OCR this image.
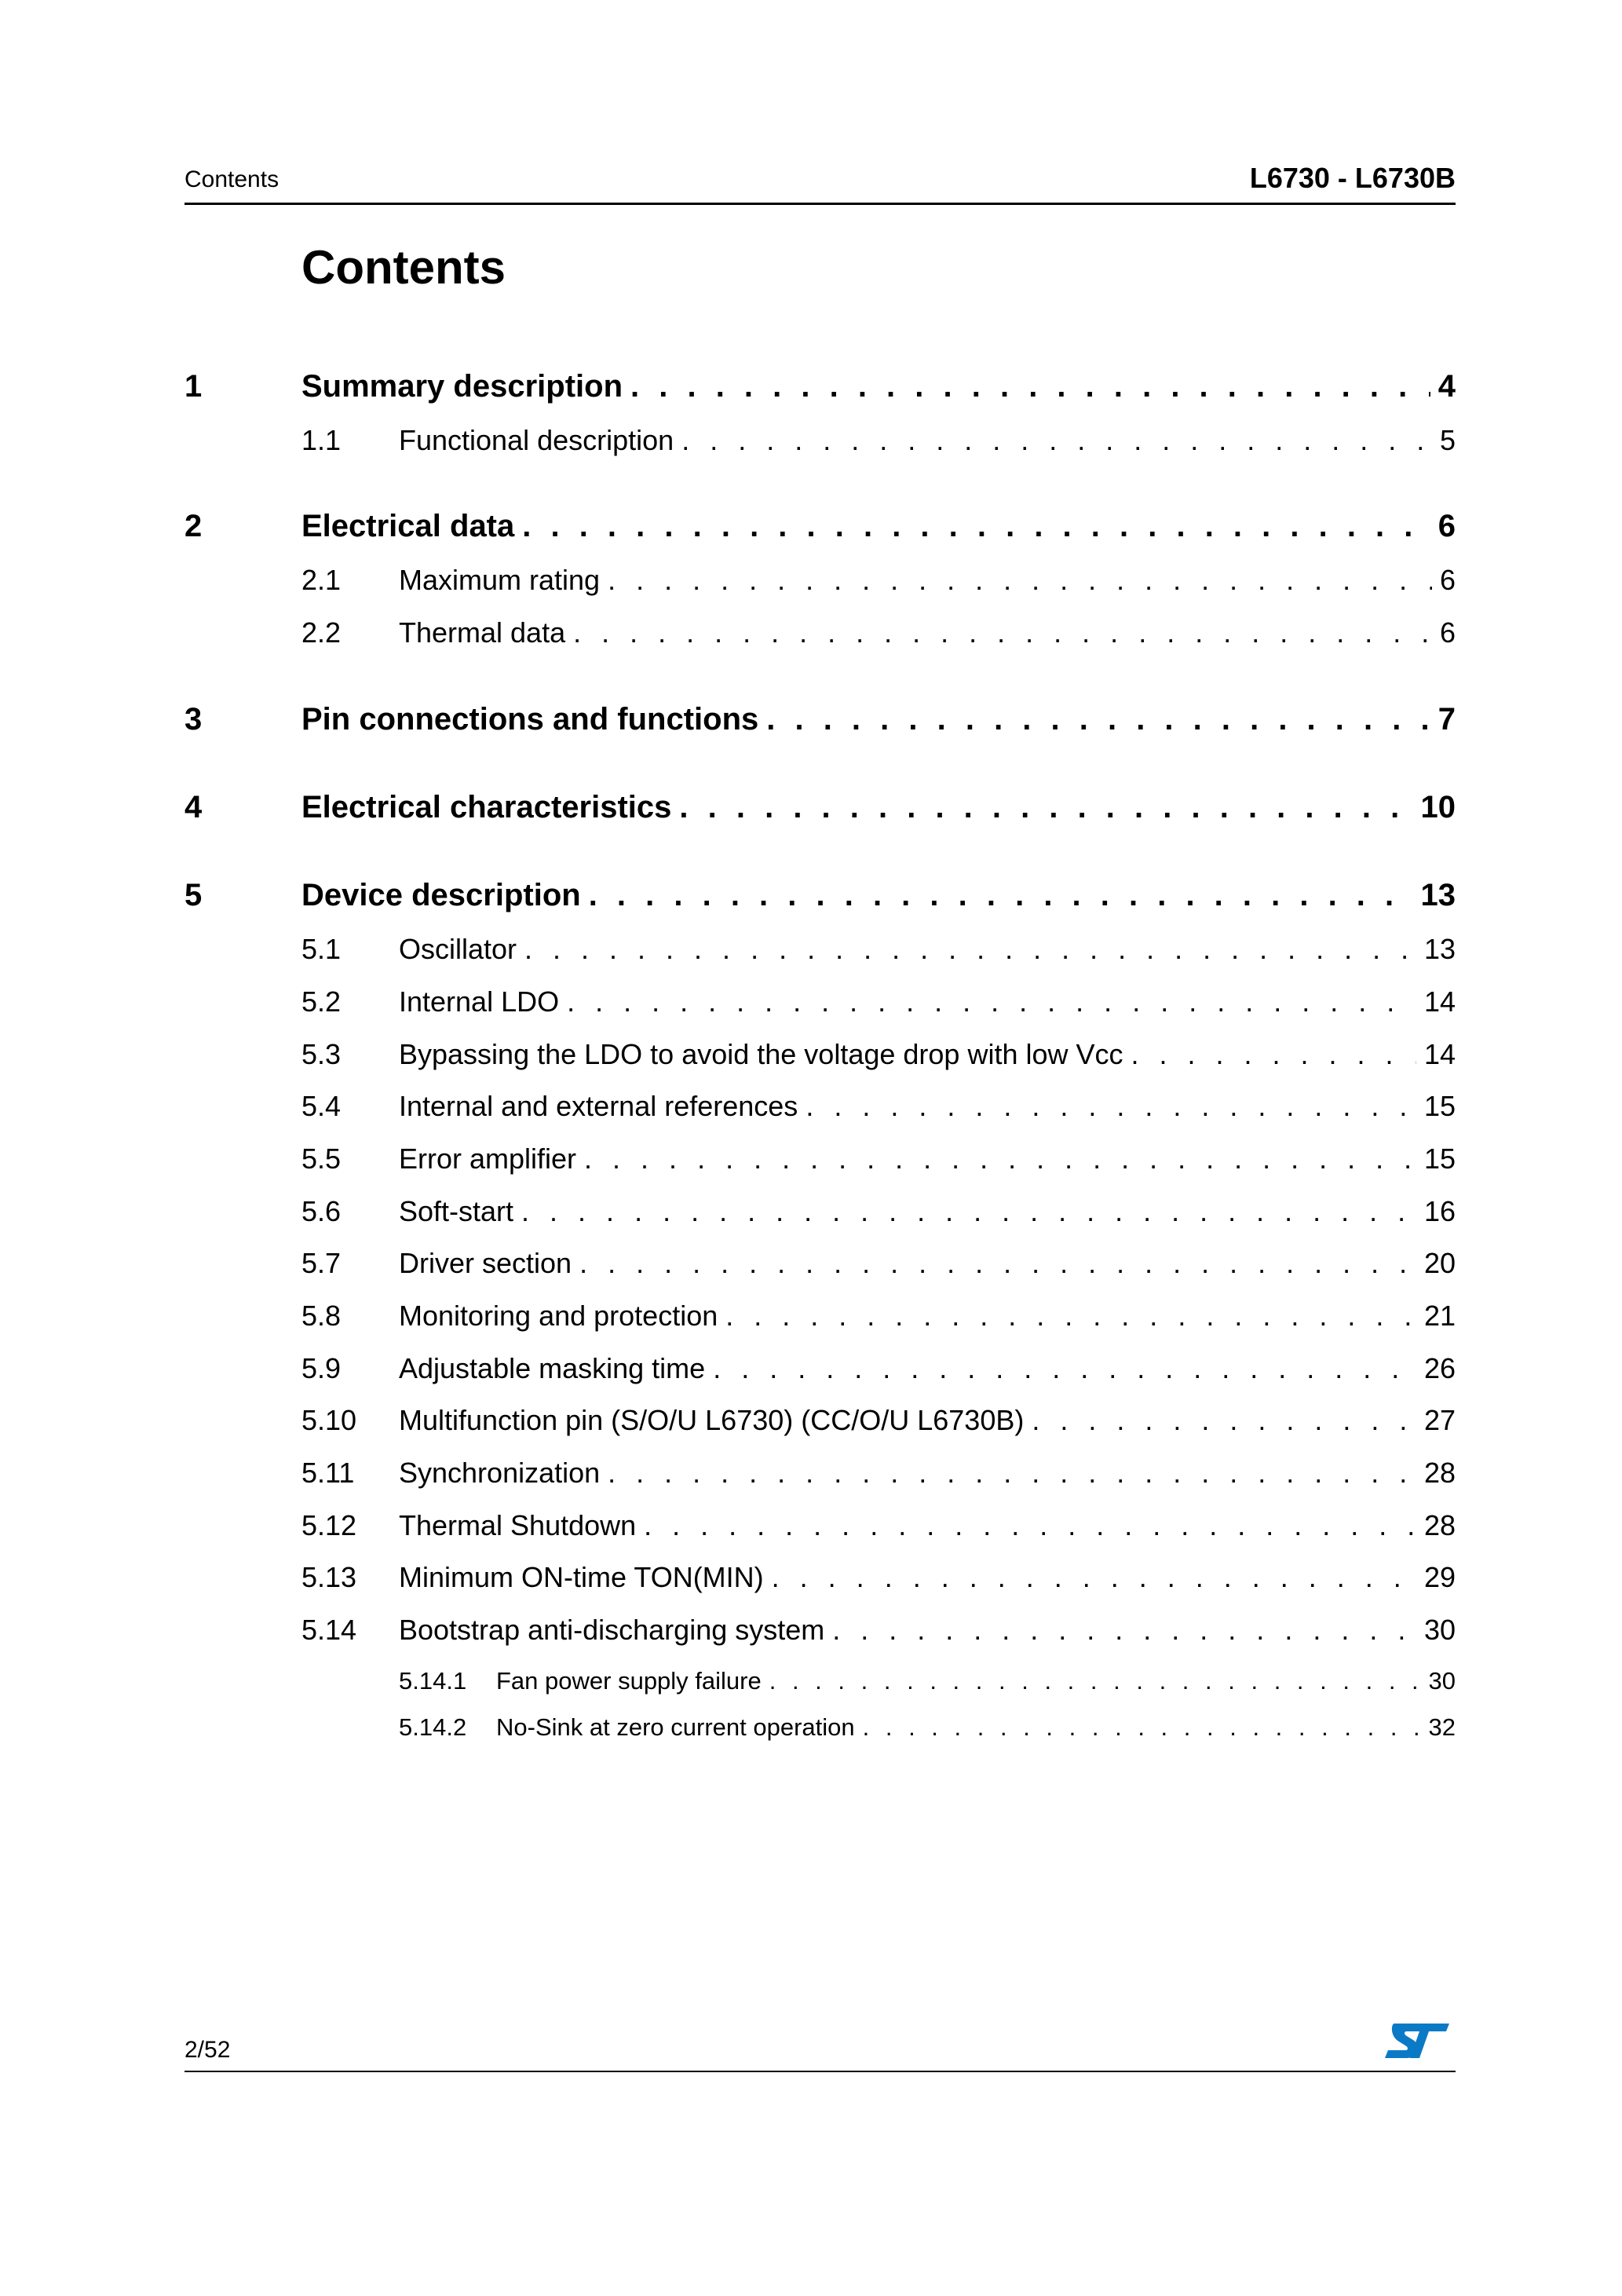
Contents	L6730 - L6730B
Contents
1	Summary description . . .	4
1.1 Functional description . . .	5
2	Electrical data . . .	6
2.1 Maximum rating . . .	6
2.2 Thermal data . . .	6
3	Pin connections and functions . . .	7
4	Electrical characteristics . . .	10
5	Device description . . .	13
5.1 Oscillator . . .	13
5.2 Internal LDO . . .	14
5.3 Bypassing the LDO to avoid the voltage drop with low Vcc . . .	14
5.4 Internal and external references . . .	15
5.5 Error amplifier . . .	15
5.6 Soft-start . . .	16
5.7 Driver section . . .	20
5.8 Monitoring and protection . . .	21
5.9 Adjustable masking time . . .	26
5.10 Multifunction pin (S/O/U L6730) (CC/O/U L6730B) . . .	27
5.11 Synchronization . . .	28
5.12 Thermal Shutdown . . .	28
5.13 Minimum ON-time TON(MIN) . . .	29
5.14 Bootstrap anti-discharging system . . .	30
5.14.1 Fan power supply failure . . .	30
5.14.2 No-Sink at zero current operation . . .	32
2/52
